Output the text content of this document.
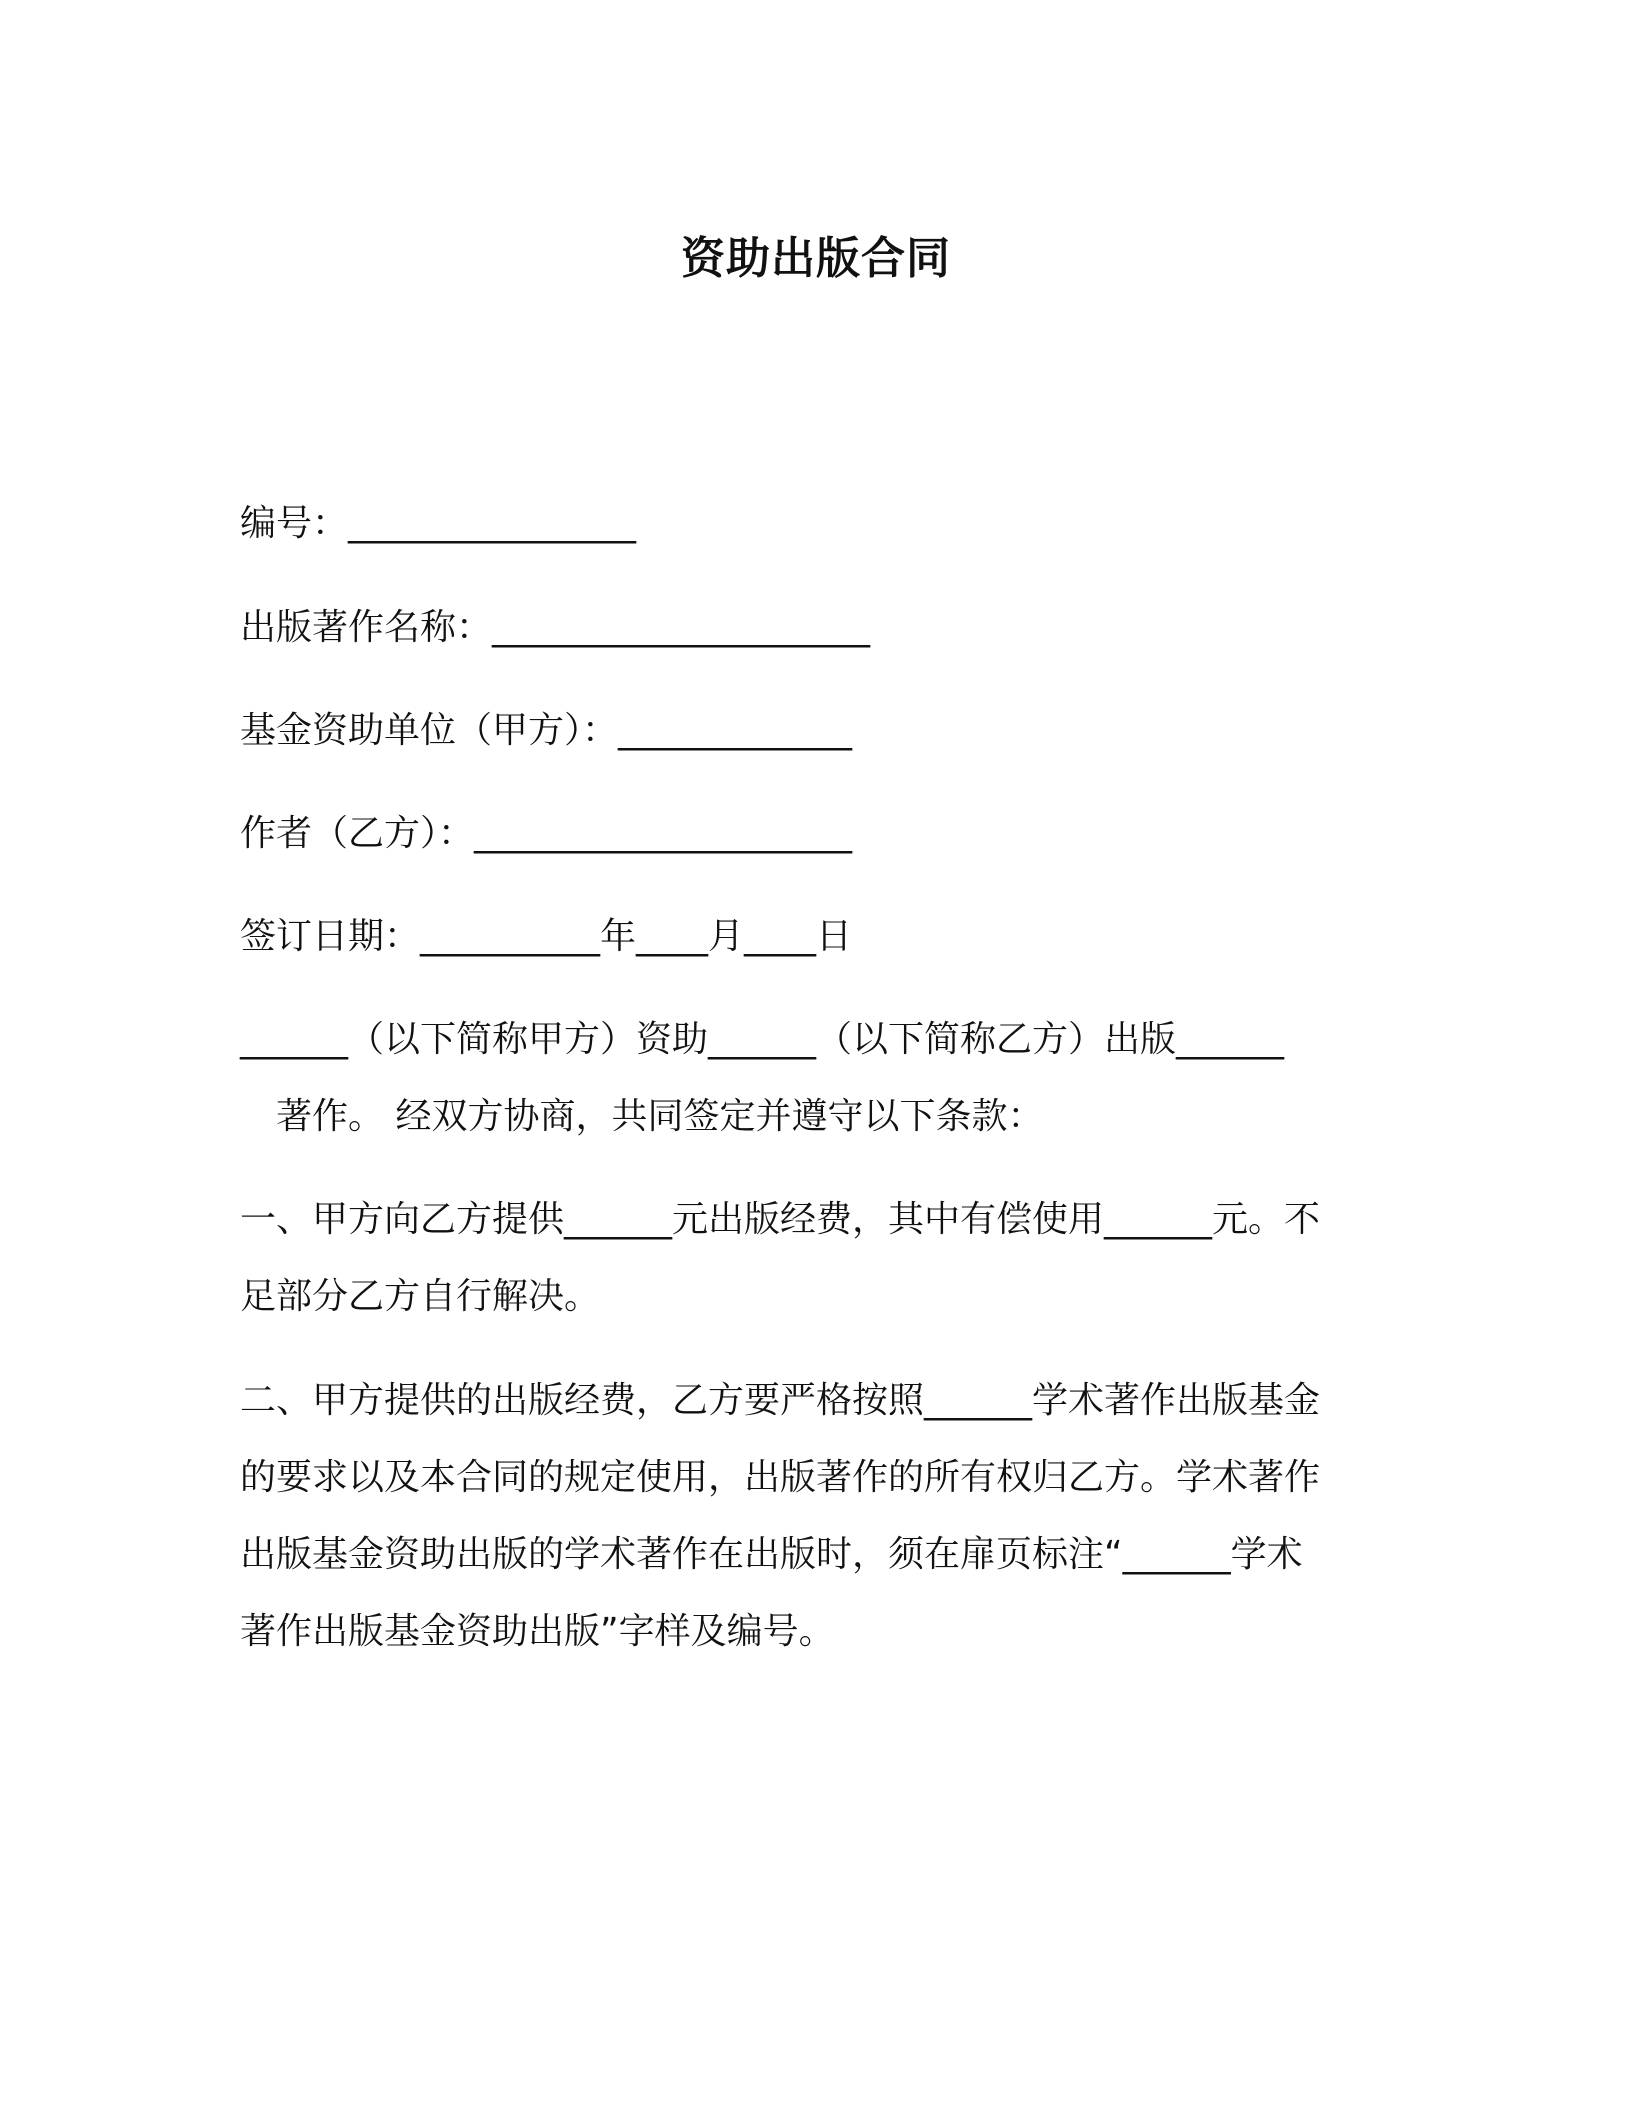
资助出版合同
编号：________________
出版著作名称：_____________________
基金资助单位（甲方）：_____________
作者（乙方）：_____________________
签订日期：__________年____月____日
______（以下简称甲方）资助______（以下简称乙方）出版______
著作。 经双方协商，共同签定并遵守以下条款：
一、甲方向乙方提供______元出版经费，其中有偿使用______元。不
足部分乙方自行解决。
二、甲方提供的出版经费，乙方要严格按照______学术著作出版基金
的要求以及本合同的规定使用，出版著作的所有权归乙方。学术著作
出版基金资助出版的学术著作在出版时，须在扉页标注“______学术
著作出版基金资助出版”字样及编号。
